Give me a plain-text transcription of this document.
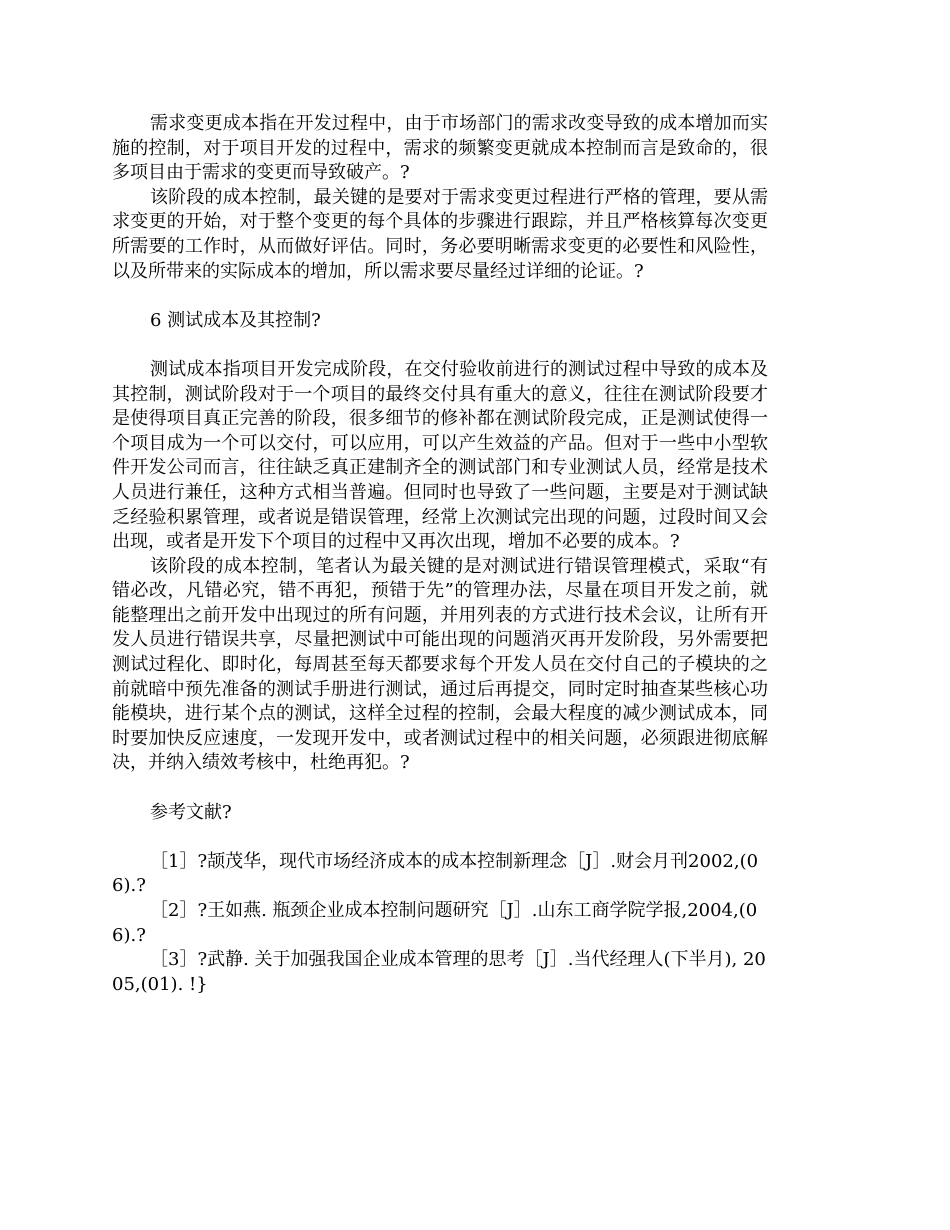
需求变更成本指在开发过程中，由于市场部门的需求改变导致的成本增加而实施的控制，对于项目开发的过程中，需求的频繁变更就成本控制而言是致命的，很多项目由于需求的变更而导致破产。?

该阶段的成本控制，最关键的是要对于需求变更过程进行严格的管理，要从需求变更的开始，对于整个变更的每个具体的步骤进行跟踪，并且严格核算每次变更所需要的工作时，从而做好评估。同时，务必要明晰需求变更的必要性和风险性，以及所带来的实际成本的增加，所以需求要尽量经过详细的论证。?

6 测试成本及其控制?

测试成本指项目开发完成阶段，在交付验收前进行的测试过程中导致的成本及其控制，测试阶段对于一个项目的最终交付具有重大的意义，往往在测试阶段要才是使得项目真正完善的阶段，很多细节的修补都在测试阶段完成，正是测试使得一个项目成为一个可以交付，可以应用，可以产生效益的产品。但对于一些中小型软件开发公司而言，往往缺乏真正建制齐全的测试部门和专业测试人员，经常是技术人员进行兼任，这种方式相当普遍。但同时也导致了一些问题，主要是对于测试缺乏经验积累管理，或者说是错误管理，经常上次测试完出现的问题，过段时间又会出现，或者是开发下个项目的过程中又再次出现，增加不必要的成本。?

该阶段的成本控制，笔者认为最关键的是对测试进行错误管理模式，采取“有错必改，凡错必究，错不再犯，预错于先”的管理办法，尽量在项目开发之前，就能整理出之前开发中出现过的所有问题，并用列表的方式进行技术会议，让所有开发人员进行错误共享，尽量把测试中可能出现的问题消灭再开发阶段，另外需要把测试过程化、即时化，每周甚至每天都要求每个开发人员在交付自己的子模块的之前就暗中预先准备的测试手册进行测试，通过后再提交，同时定时抽查某些核心功能模块，进行某个点的测试，这样全过程的控制，会最大程度的减少测试成本，同时要加快反应速度，一发现开发中，或者测试过程中的相关问题，必须跟进彻底解决，并纳入绩效考核中，杜绝再犯。?

参考文献?

［1］?颉茂华，现代市场经济成本的成本控制新理念［J］.财会月刊2002,(06).?

［2］?王如燕. 瓶颈企业成本控制问题研究［J］.山东工商学院学报,2004,(06).?

［3］?武静. 关于加强我国企业成本管理的思考［J］.当代经理人(下半月), 2005,(01). !}
